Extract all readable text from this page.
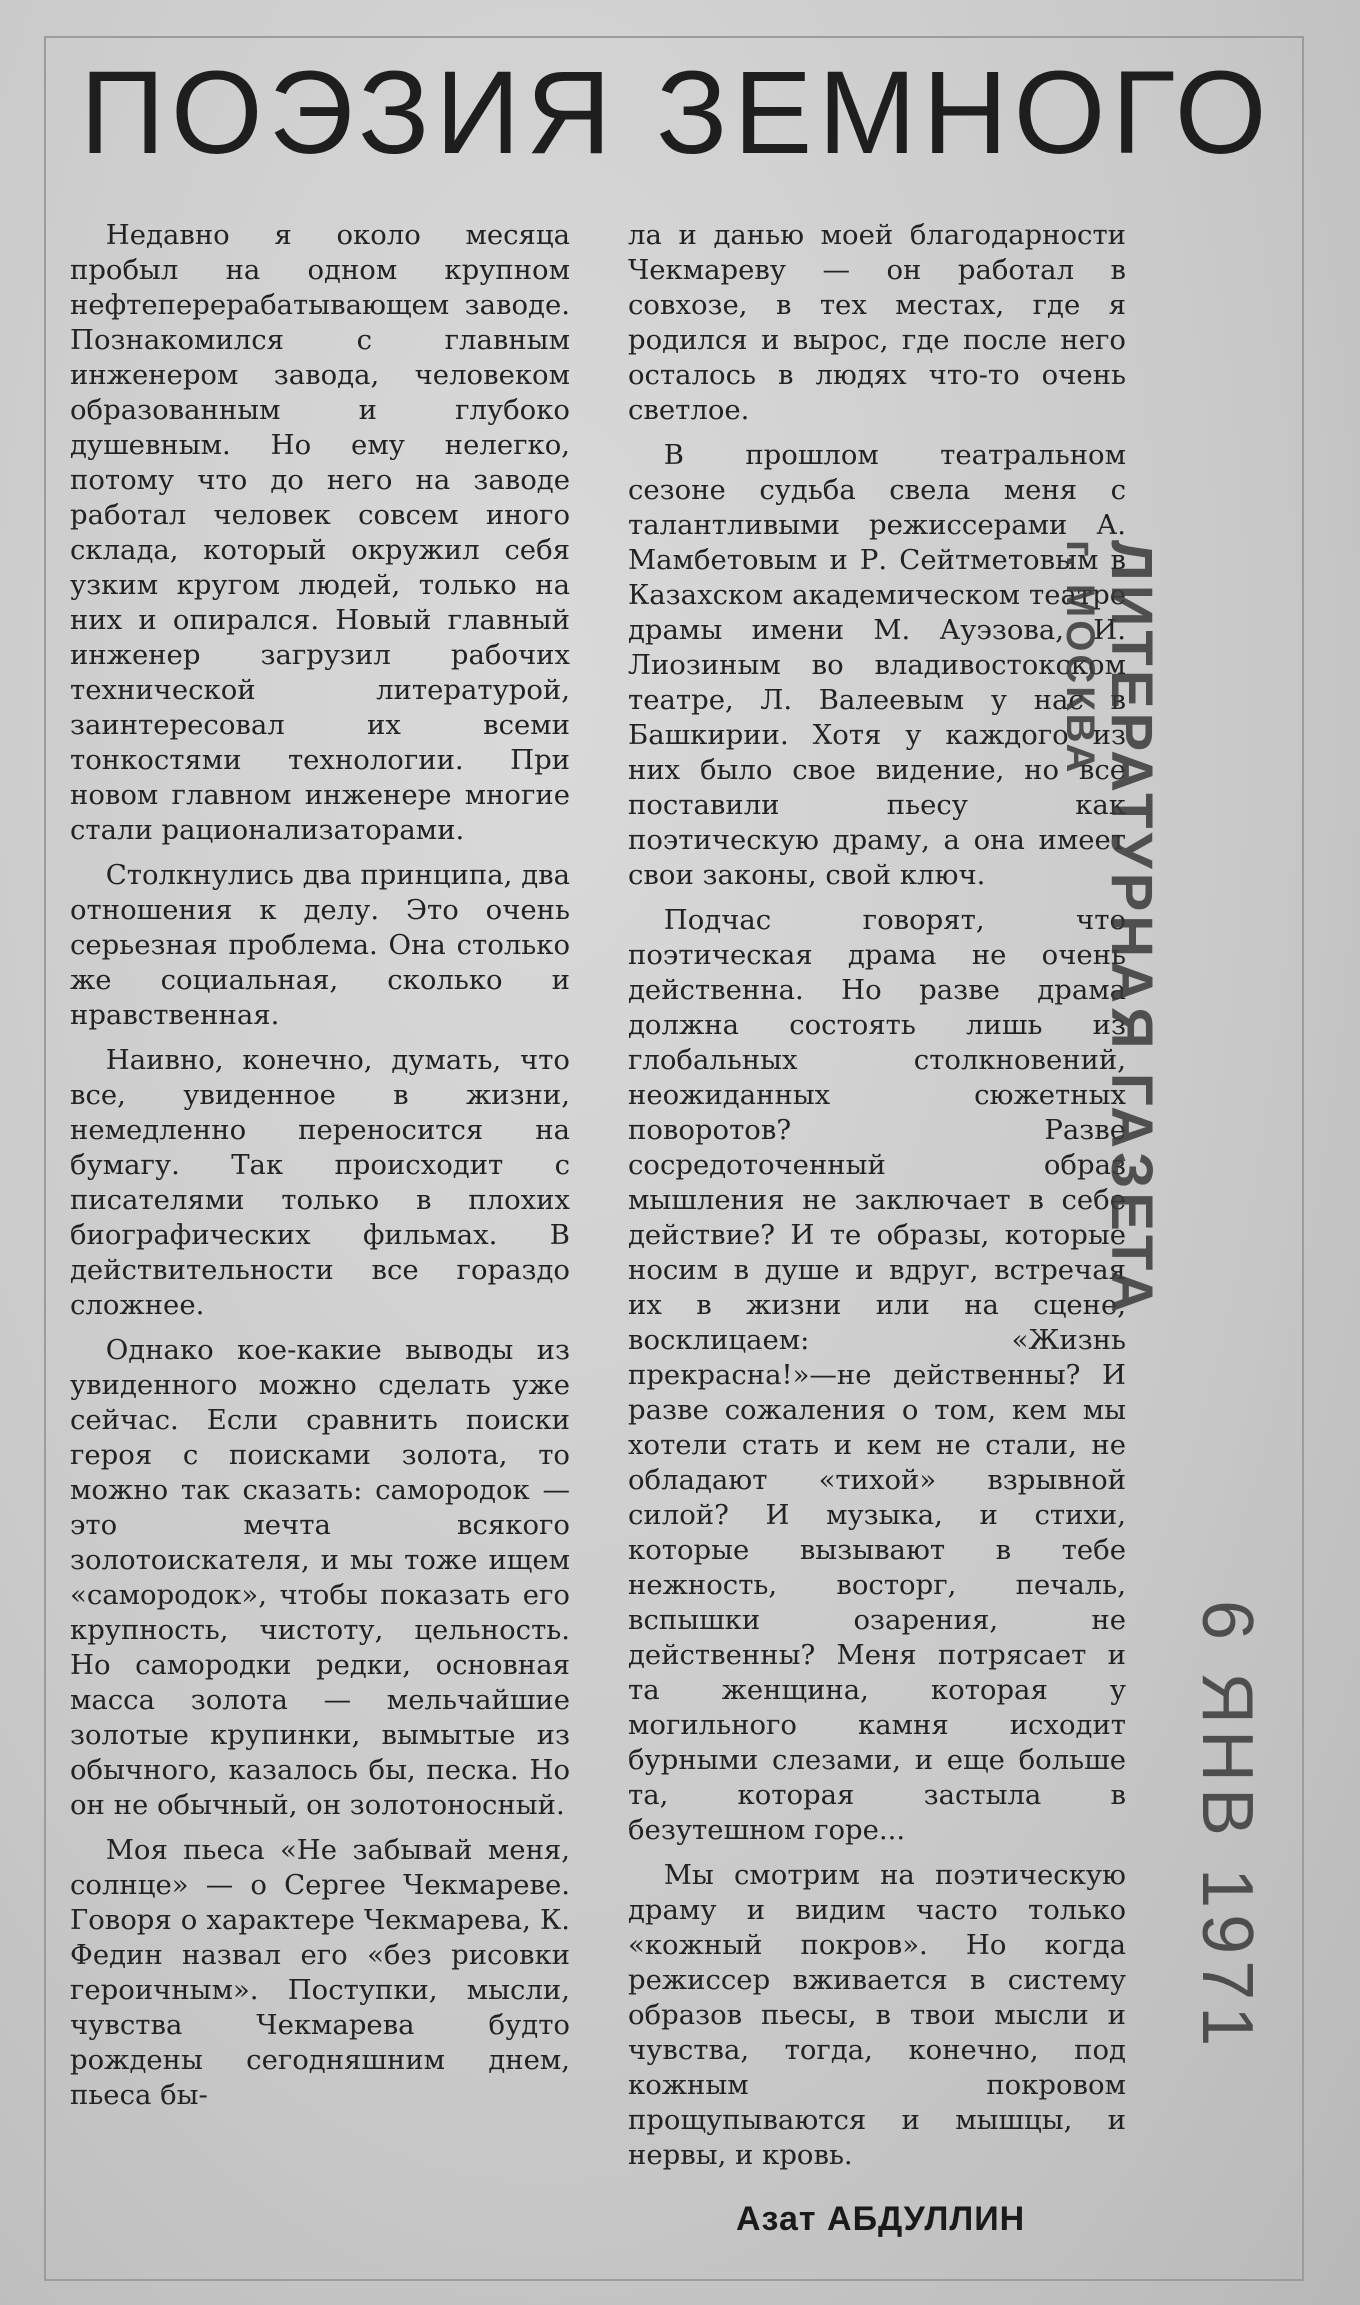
ПОЭЗИЯ ЗЕМНОГО

Недавно я около месяца пробыл на одном крупном нефтеперерабатывающем заводе. Познакомился с главным инженером завода, человеком образованным и глубоко душевным. Но ему нелегко, потому что до него на заводе работал человек совсем иного склада, который окружил себя узким кругом людей, только на них и опирался. Новый главный инженер загрузил рабочих технической литературой, заинтересовал их всеми тонкостями технологии. При новом главном инженере многие стали рационализаторами.

Столкнулись два принципа, два отношения к делу. Это очень серьезная проблема. Она столько же социальная, сколько и нравственная.

Наивно, конечно, думать, что все, увиденное в жизни, немедленно переносится на бумагу. Так происходит с писателями только в плохих биографических фильмах. В действительности все гораздо сложнее.

Однако кое-какие выводы из увиденного можно сделать уже сейчас. Если сравнить поиски героя с поисками золота, то можно так сказать: самородок — это мечта всякого золотоискателя, и мы тоже ищем «самородок», чтобы показать его крупность, чистоту, цельность. Но самородки редки, основная масса золота — мельчайшие золотые крупинки, вымытые из обычного, казалось бы, песка. Но он не обычный, он золотоносный.

Моя пьеса «Не забывай меня, солнце» — о Сергее Чекмареве. Говоря о характере Чекмарева, К. Федин назвал его «без рисовки героичным». Поступки, мысли, чувства Чекмарева будто рождены сегодняшним днем, пьеса бы-

ла и данью моей благодарности Чекмареву — он работал в совхозе, в тех местах, где я родился и вырос, где после него осталось в людях что-то очень светлое.

В прошлом театральном сезоне судьба свела меня с талантливыми режиссерами А. Мамбетовым и Р. Сейтметовым в Казахском академическом театре драмы имени М. Ауэзова, И. Лиозиным во владивостокском театре, Л. Валеевым у нас в Башкирии. Хотя у каждого из них было свое видение, но все поставили пьесу как поэтическую драму, а она имеет свои законы, свой ключ.

Подчас говорят, что поэтическая драма не очень действенна. Но разве драма должна состоять лишь из глобальных столкновений, неожиданных сюжетных поворотов? Разве сосредоточенный образ мышления не заключает в себе действие? И те образы, которые носим в душе и вдруг, встречая их в жизни или на сцене, восклицаем: «Жизнь прекрасна!»—не действенны? И разве сожаления о том, кем мы хотели стать и кем не стали, не обладают «тихой» взрывной силой? И музыка, и стихи, которые вызывают в тебе нежность, восторг, печаль, вспышки озарения, не действенны? Меня потрясает и та женщина, которая у могильного камня исходит бурными слезами, и еще больше та, которая застыла в безутешном горе...

Мы смотрим на поэтическую драму и видим часто только «кожный покров». Но когда режиссер вживается в систему образов пьесы, в твои мысли и чувства, тогда, конечно, под кожным покровом прощупываются и мышцы, и нервы, и кровь.

Азат АБДУЛЛИН
ЛИТЕРАТУРНАЯ ГАЗЕТА
г. МОСКВА
6 ЯНВ 1971
